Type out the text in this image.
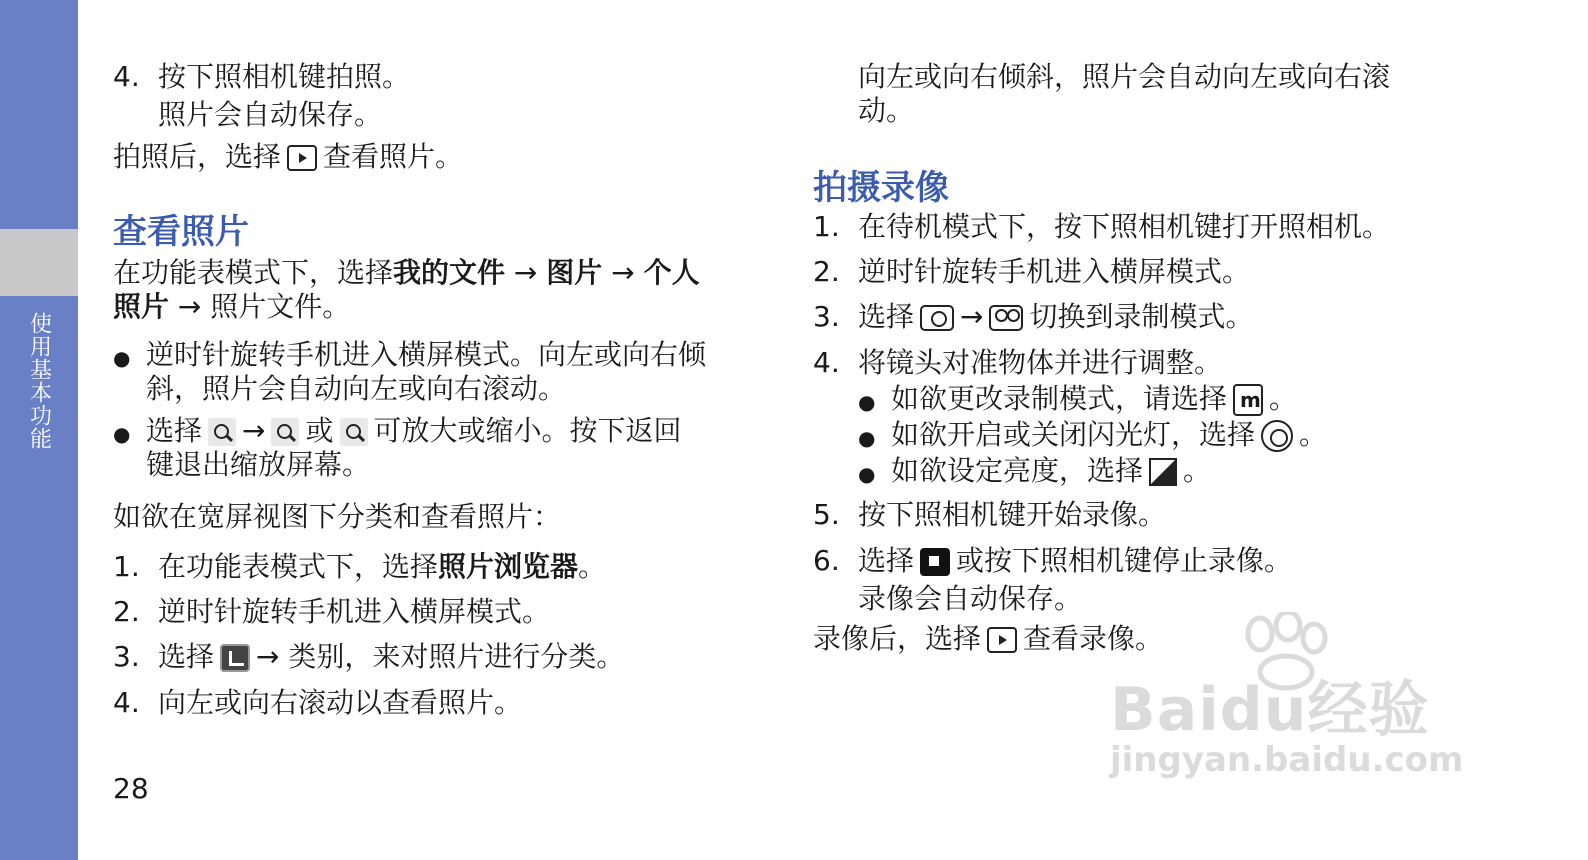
使用基本功能
4. 按下照相机键拍照。
照片会自动保存。
拍照后，选择 查看照片。
查看照片
在功能表模式下，选择我的文件 → 图片 → 个人
照片 → 照片文件。
● 逆时针旋转手机进入横屏模式。向左或向右倾
斜，照片会自动向左或向右滚动。
● 选择 → 或 可放大或缩小。按下返回
键退出缩放屏幕。
如欲在宽屏视图下分类和查看照片：
1. 在功能表模式下，选择照片浏览器。
2. 逆时针旋转手机进入横屏模式。
3. 选择 → 类别，来对照片进行分类。
4. 向左或向右滚动以查看照片。
28
向左或向右倾斜，照片会自动向左或向右滚
动。
拍摄录像
1. 在待机模式下，按下照相机键打开照相机。
2. 逆时针旋转手机进入横屏模式。
3. 选择 → 切换到录制模式。
4. 将镜头对准物体并进行调整。
● 如欲更改录制模式，请选择m 。
● 如欲开启或关闭闪光灯，选择 。
● 如欲设定亮度，选择 。
5. 按下照相机键开始录像。
6. 选择 或按下照相机键停止录像。
录像会自动保存。
录像后，选择 查看录像。
Baidu经验
jingyan.baidu.com
